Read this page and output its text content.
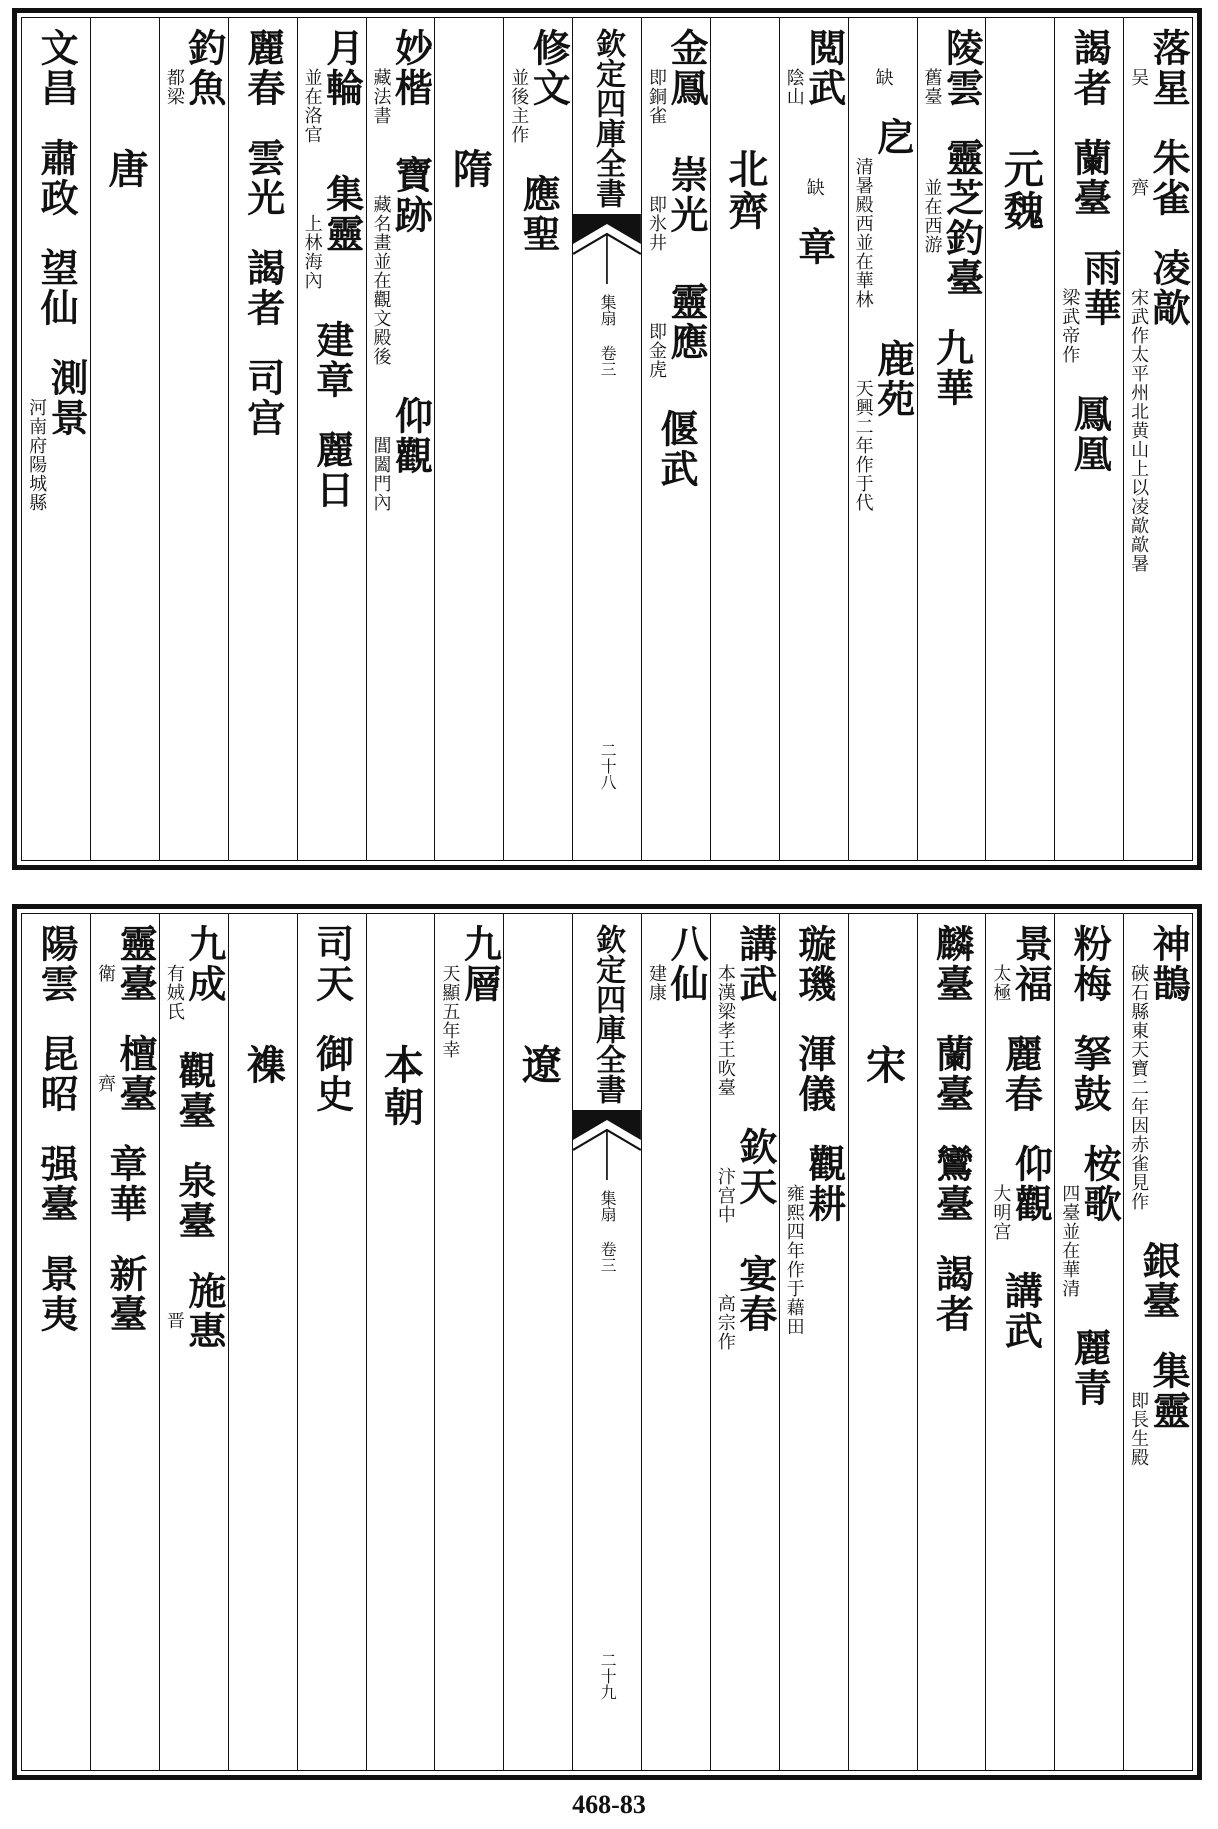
落星
吴
朱雀
齊
凌歊
宋武作太平州北黄山上以凌歊歊暑
謁者
蘭臺
雨華
梁武帝作
鳳凰
元魏
陵雲
舊臺
靈芝釣臺
並在西游
九華
缺
戹
清暑殿西並在華林
鹿苑
天興二年作于代
閲武
陰山
缺
章
北齊
金鳳
即銅雀
崇光
即氷井
靈應
即金虎
偃武
欽定四庫全書
集扇 卷三
二十八
修文
並後主作
應聖
隋
妙楷
藏法書
寶跡
藏名畫並在觀文殿後
仰觀
閶闔門內
月輪
並在洛官
集靈
上林海內
建章
麗日
麗春
雲光
謁者
司宫
釣魚
都梁
唐
文昌
肅政
望仙
測景
河南府陽城縣
神鵲
硤石縣東天寶二年因赤雀見作
銀臺
集靈
即長生殿
粉梅
拏鼓
桉歌
四臺並在華清
麗青
景福
太極
麗春
仰觀
大明宫
講武
麟臺
蘭臺
鸞臺
謁者
宋
璇璣
渾儀
觀耕
雍熙四年作于藉田
講武
本漢梁孝王吹臺
欽天
汴宫中
宴春
高宗作
八仙
建康
欽定四庫全書
集扇 卷三
二十九
遼
九層
天顯五年幸
本朝
司天
御史
襍
九成
有娀氏
觀臺
泉臺
施惠
晋
靈臺
衛
檀臺
齊
章華
新臺
陽雲
昆昭
强臺
景夷
468-83
